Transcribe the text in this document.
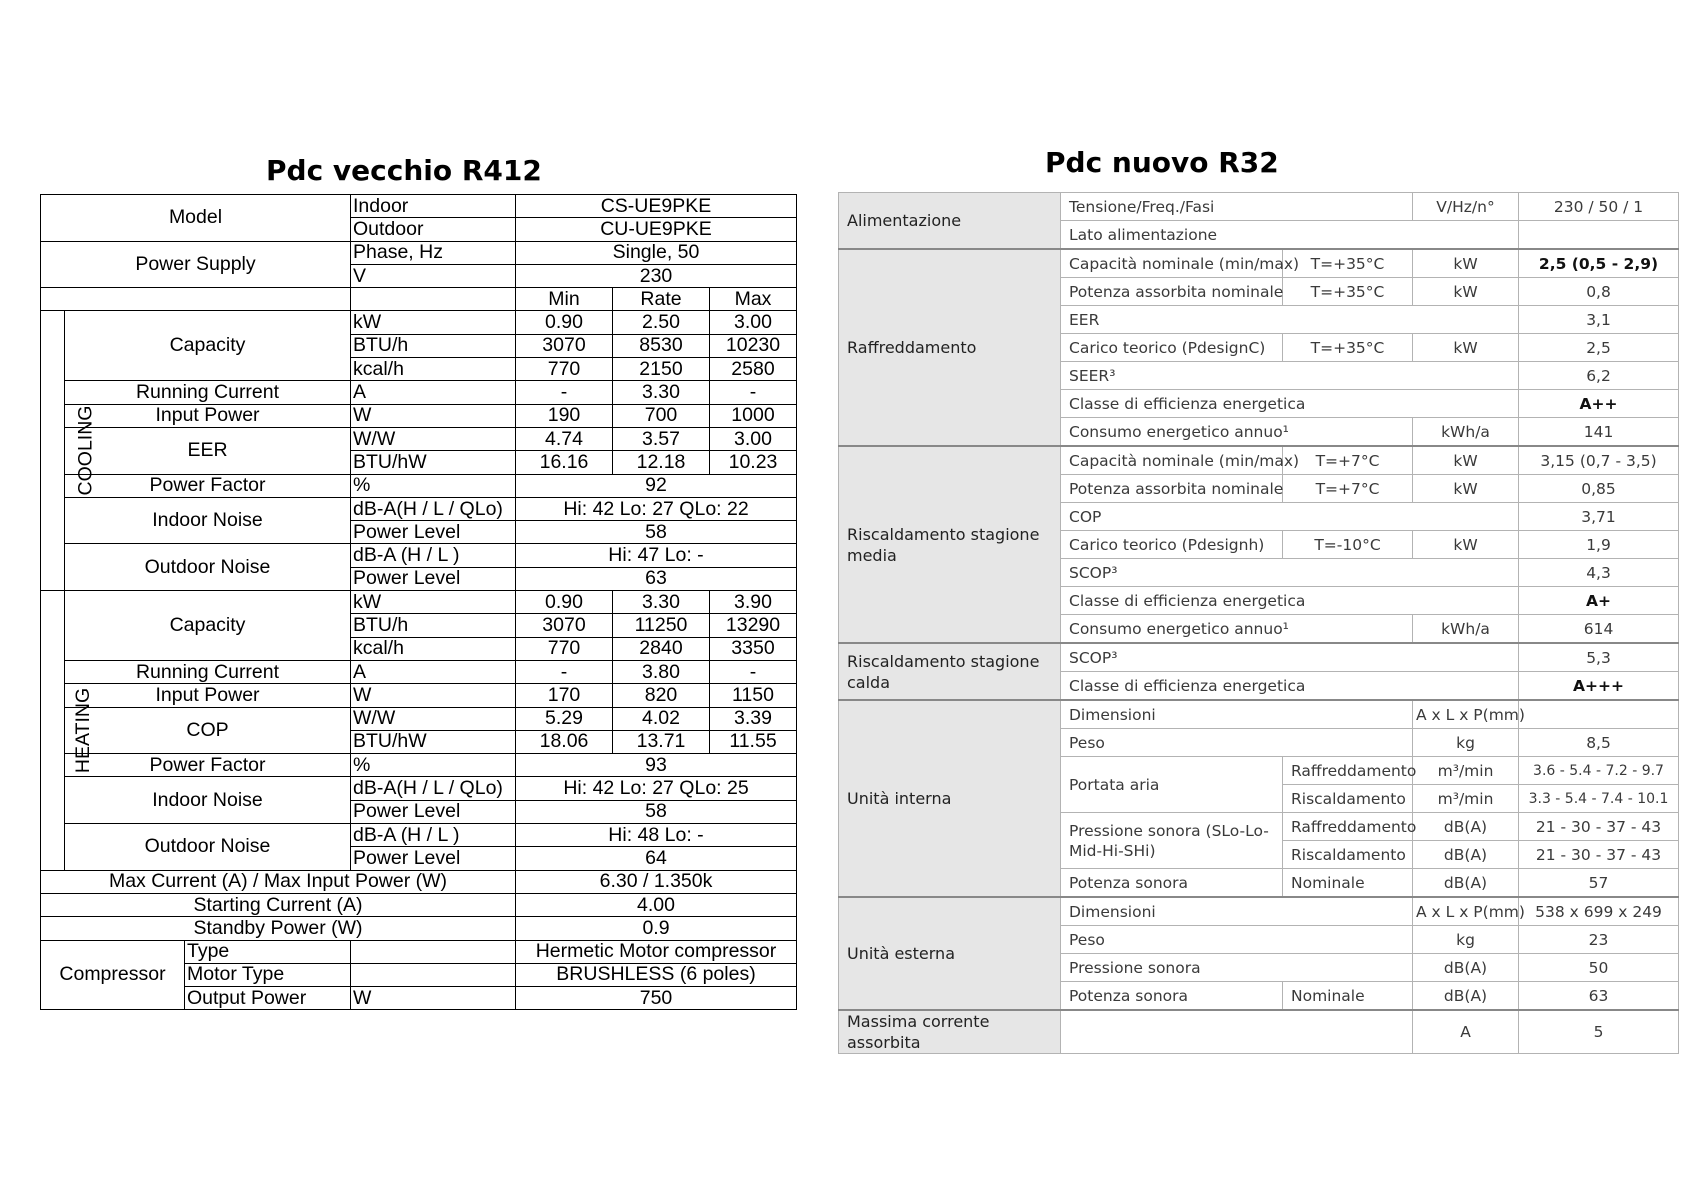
Pdc vecchio R412	Pdc nuovo R32
Model			Indoor	CS-UE9PKE		
			Outdoor	CU-UE9PKE		
Power Supply			Phase, Hz	Single, 50		
			V	230		
				Min	Rate	Max
COOLING	Capacity		kW	0.90	2.50	3.00
			BTU/h	3070	8530	10230
			kcal/h	770	2150	2580
	Running Current		A	-	3.30	-
	Input Power		W	190	700	1000
	EER		W/W	4.74	3.57	3.00
			BTU/hW	16.16	12.18	10.23
	Power Factor		%	92		
	Indoor Noise		dB-A(H / L / QLo)	Hi: 42 Lo: 27 QLo: 22		
			Power Level	58		
	Outdoor Noise		dB-A (H / L )	Hi: 47 Lo: -		
			Power Level	63		
HEATING	Capacity		kW	0.90	3.30	3.90
			BTU/h	3070	11250	13290
			kcal/h	770	2840	3350
	Running Current		A	-	3.80	-
	Input Power		W	170	820	1150
	COP		W/W	5.29	4.02	3.39
			BTU/hW	18.06	13.71	11.55
	Power Factor		%	93		
	Indoor Noise		dB-A(H / L / QLo)	Hi: 42 Lo: 27 QLo: 25		
			Power Level	58		
	Outdoor Noise		dB-A (H / L )	Hi: 48 Lo: -		
			Power Level	64		
Max Current (A) / Max Input Power (W)				6.30 / 1.350k		
Starting Current (A)				4.00		
Standby Power (W)				0.9		
Compressor		Type		Hermetic Motor compressor		
		Motor Type		BRUSHLESS (6 poles)		
		Output Power	W	750		
Alimentazione	Tensione/Freq./Fasi		V/Hz/n°	230 / 50 / 1
	Lato alimentazione			
Raffreddamento	Capacità nominale (min/max)	T=+35°C	kW	2,5 (0,5 - 2,9)
	Potenza assorbita nominale	T=+35°C	kW	0,8
	EER			3,1
	Carico teorico (PdesignC)	T=+35°C	kW	2,5
	SEER³			6,2
	Classe di efficienza energetica			A++
	Consumo energetico annuo¹		kWh/a	141
Riscaldamento stagione media	Capacità nominale (min/max)	T=+7°C	kW	3,15 (0,7 - 3,5)
	Potenza assorbita nominale	T=+7°C	kW	0,85
	COP			3,71
	Carico teorico (Pdesignh)	T=-10°C	kW	1,9
	SCOP³			4,3
	Classe di efficienza energetica			A+
	Consumo energetico annuo¹		kWh/a	614
Riscaldamento stagione calda	SCOP³			5,3
	Classe di efficienza energetica			A+++
Unità interna	Dimensioni		A x L x P(mm)	
	Peso		kg	8,5
	Portata aria	Raffreddamento	m³/min	3.6 - 5.4 - 7.2 - 9.7
		Riscaldamento	m³/min	3.3 - 5.4 - 7.4 - 10.1
	Pressione sonora (SLo-Lo-Mid-Hi-SHi)	Raffreddamento	dB(A)	21 - 30 - 37 - 43
		Riscaldamento	dB(A)	21 - 30 - 37 - 43
	Potenza sonora	Nominale	dB(A)	57
Unità esterna	Dimensioni		A x L x P(mm)	538 x 699 x 249
	Peso		kg	23
	Pressione sonora		dB(A)	50
	Potenza sonora	Nominale	dB(A)	63
Massima corrente assorbita			A	5
